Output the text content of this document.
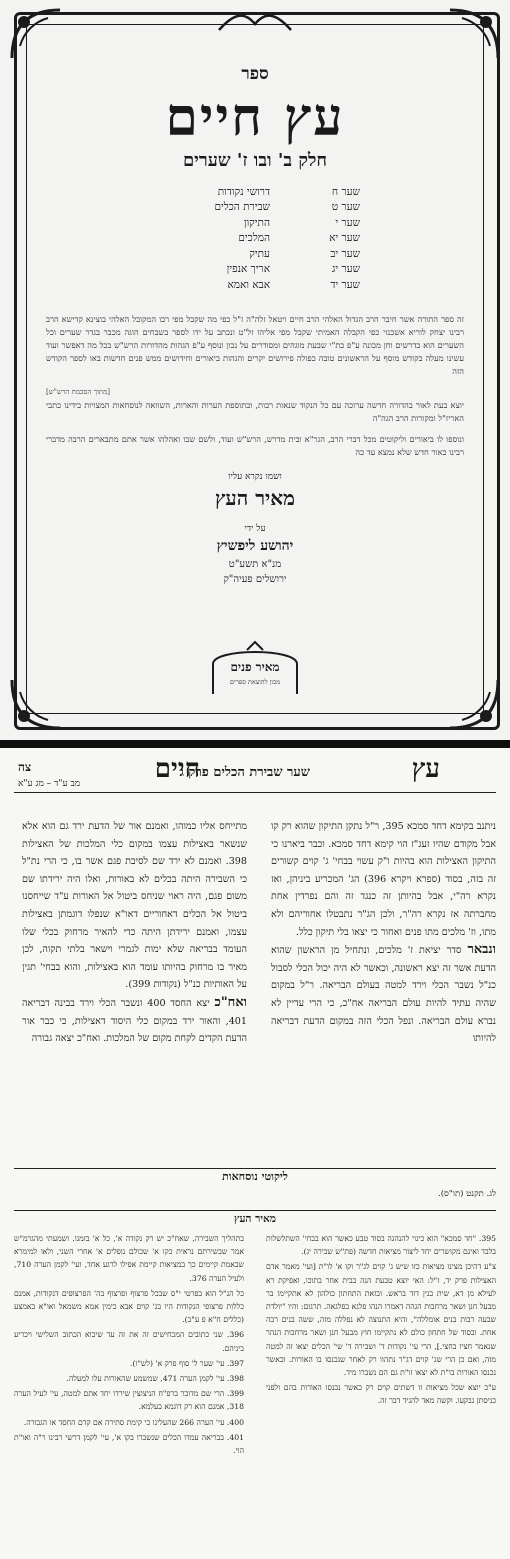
ספר
עץ חיים
חלק ב' ובו ז' שערים
שער ח
דרושי נקודות
שער ט
שבירת הכלים
שער י
התיקון
שער יא
המלכים
שער יב
עתיק
שער יג
אריך אנפין
שער יד
אבא ואמא

זה ספר התורה אשר חיבר הרב הגדול האלהי הרב חיים ויטאל זלה"ה ז"ל כפי מה שקבל מפי רבו המקובל האלהי בוצינא קדישא הרב רבינו יצחק לוריא אשכנזי כפי הקבלה האמיתי שקבל מפי אליהו זל"ט ונכתב על ידו לספר בשבחים הוגה מכבר בגדר שערים וכל השערים הוא בדרשים וחן מכונה ע"פ כת"י שבעת מוגהים ומסודרים על נכון ונוסף ע"פ הגהות מהדורות הרש"ש בכל מה דאפשר ועוד עשינו מעלה בקודש מוסף על הראשונים טובה כפולה פירושים יקרים והגהות ביאורים וחידושים ממש פנים חדשות באו לספר הקודש הזה

[מתוך הסכמת הרש"ש]

יוצא בעת לאור בהדורה חדשה ערוכה עם כל הנקוד שנאות רבות, ובתוספת הערות והארות, השוואה לנוסחאות המצויות בידינו כתבי האריז"ל ומקורות הרב הגה"ה

ונוספו לו ביאורים וליקוטים מכל דברי הרב, הגר"א ובית מדרש, הרש"ש ועוד, ולשם שבו ואהלהו אשר אתם מתבארים הרבה מדברי רבינו כאור חדש שלא נמצא עד כה

ושמו נקרא עליו
מאיר העץ
על ידי
יהושע ליפשיץ
מנ"א תשע"ט
ירושלים פעיה"ק
מאיר פנים
מכון להוצאת ספרים
עץ
שער שבירת הכלים פרק ג
חיים
צה
מב ע"ד – מג ע"א

ניתנב בקימא דחד סמכא 395, ר"ל נתקן התיקון שהוא רק קו אבל מקודם שהיו זעג"ז הוי קימא דחד סמכא. וכבר ביארנו כי התיקון האצילות הוא בהיות ו"ק עשוי בבחי' ג' קוים קשורים זה בזה, בסוד (ספרא ויקרא 396) הג' המכריע ביניהן, ואז נקרא רה"י, אבל בהיותן זה כנגד זה והם נפרדין אחת מחברתה אז נקרא רה"ר, ולכן הג"ר נתבטלו אחוריהם ולא מתו, וז' מלכים מתו פנים ואחור כי יצאו בלי תיקון כלל.

ונבאר סדר יציאת ז' מלכים, ונתחיל מן הראשון שהוא הדעת אשר זה יצא ראשונה, וכאשר לא היה יכול הכלי לסבול כנ"ל נשבר הכלי וירד למטה בעולם הבריאה. ר"ל במקום שהיה עתיד להיות עולם הבריאה אח"כ, כי הרי עדיין לא נברא עולם הבריאה. ונפל הכלי הזה במקום הדעת דבריאה להיותו

מתייחס אליו כמוהו, ואמנם אור של הדעת ירד גם הוא אלא שנשאר באצילות עצמו במקום כלי המלכות של האצילות 398. ואמנם לא ירד שם לסיבת פגם אשר בו, כי הרי נת"ל כי השבירה היתה בכלים לא באורות, ואלו היה ירידתו שם משום פגם, היה ראוי שניחס ביטול אל האורות ע"ד שייחסנו ביטול אל הכלים דאחוריים דאו"א שנפלו דוגמתן באצילות עצמו, ואמנם ירידתן היתה כדי להאיר מרחוק בכלי שלו העומד בבריאה שלא ימות לגמרי וישאר בלתי תקוה, לכן מאיר בו מרחוק בהיותו עומד הוא באצילות, והוא בבחי' תגין על האותיות כנ"ל (נקודות 399).

ואח"כ יצא החסד 400 ונשבר הכלי וירד בבינה דבריאה 401, והאור ירד במקום כלי היסוד דאצילות, כי כבר אור הדעת הקדים לקחת מקום של המלכות. ואח"כ יצאה גבורה

ליקוטי נוסחאות
לג. תקנט (תו"ס).
מאיר העץ

395. "חד סמכא" הוא כינוי להנהגה בסוד טבע כאשר הוא בבחי' השתלשלות בלבד ואינם מקושרים יחד ליצור מציאות חדשה (פת"ש שבירה יג).

צ"ע דהיכן מצינו מציאות כזו שיש ג' קוים לג"ר וקו א' לו"ת [ועי' מאמר אדם האצילות פרק יד, ז"ל: האי יוצא טבעת הנה בבית אחר בתוכו, ואפיקת רא לעילא מן דא, שית בנין דוד בראש. ובזאת התחתון כולהון לא אתקיימו בר מבעל חנן ושאר מרחבות הגהה דאמרו הנהו פלגא בפלגאה. תרגום: והיו "יולדת שבעה רבות בנים אומללה", והיא התנוצה לא נפללה מזה, ששה בנים רבה אחת. ובסוד של חתחון כולם לא נתקיימו חוץ מבעל חנן ושאר מרחבות הנהר שנאמר חציו בחצי.], הרי עי' נקודות ד' ושבירה ד' שי' הכלים יצאו זה למטה מזה, ואם כן הרי שג' קוים דג"ר נתהוו רק לאחר שנכנסו בו האורות. וכאשר נכנסו האורות בו"ת לא יצאו זו"ת גם הם נשברו מיד.

ע"כ יוצא שכל מציאות זו דשתים קוים רק כאשר נכנסו האורות בהם ולפני כניסתן נבקעו. וקשה מאד להגיד דבר זה.

בתהליך השבירה, שאח"כ יש רק נקודה א', כל א' בזמנו. ושמעתי מהגרמ"ש אמר שבשירתם נראית כקו א' שכולם נופלים א' אחרי השני, ולאו למימרא שבאמת קיימים כך במציאות קיימת אפילו לרגע אחד, ועי' לקמן הערה 710, ולעיל הערה 376.

כל הנ"ל הוא בפרטי י"ס שבכל פרצוף ופרצוף בה' הפרצופים דנקודות, אמנם כללות פרצופי הנקודות היו בג' קוים אבא כימין אמא משמאל ואו"א באמצע (כללים ח"א פ ע"ב).

396. שני כתובים המכחישים זה את זה עד שיבוא הכתוב השלישי ויכריע ביניהם.

397. עי' שער ל' סוף פרק א' (לש"ו).

398. עי' לקמן הערה 471, שמשמע שהאורות עלו למעלה.

399. הרי שם מדובר ברפ"ח הניצוצין שירדו יחד אתם למטה, עי' לעיל הערה 318, אמנם הוא רק דוגמא בעלמא.

400. עי' הערה 266 שהעלינו כי קימת סתירה אם קדם החסד או הגבורה.

401. בבריאה עמדו הכלים שנשברו בקו א', עי' לקמן דרשי רבינו ר"ה ואו"ת הוי.
